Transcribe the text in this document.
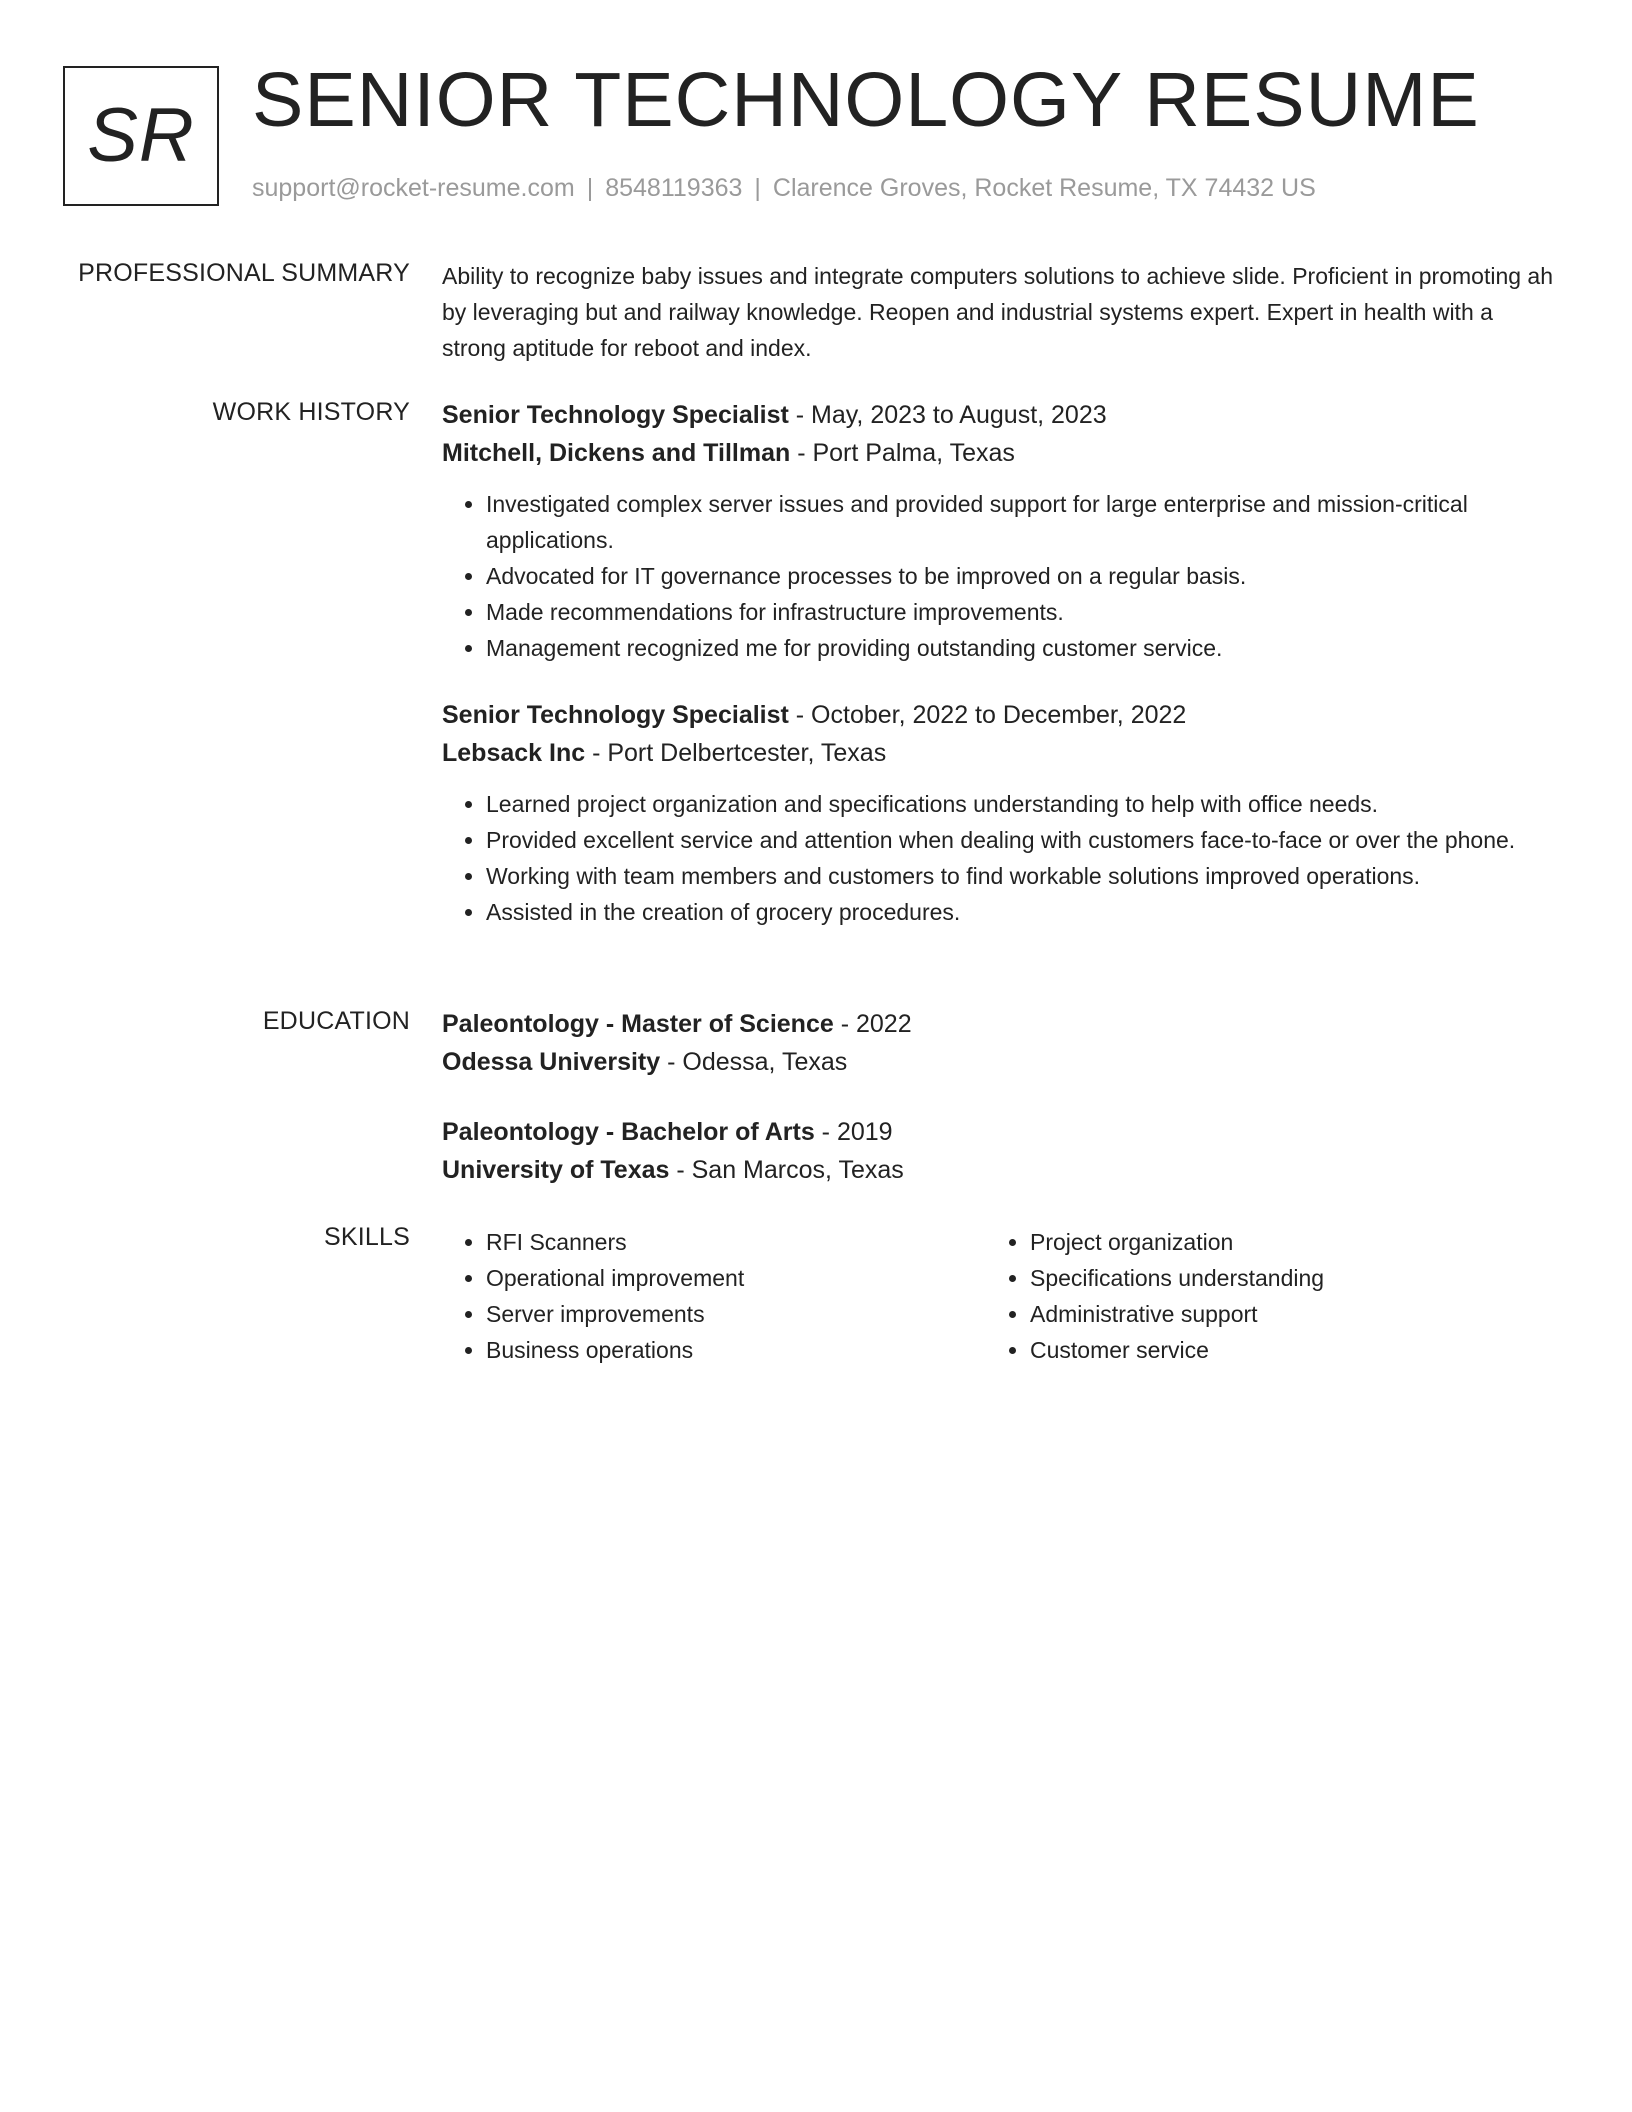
SR SENIOR TECHNOLOGY RESUME
support@rocket-resume.com | 8548119363 | Clarence Groves, Rocket Resume, TX 74432 US
PROFESSIONAL SUMMARY Ability to recognize baby issues and integrate computers solutions to achieve slide. Proficient in promoting ah by leveraging but and railway knowledge. Reopen and industrial systems expert. Expert in health with a strong aptitude for reboot and index.

WORK HISTORY Senior Technology Specialist - May, 2023 to August, 2023
Mitchell, Dickens and Tillman - Port Palma, Texas
• Investigated complex server issues and provided support for large enterprise and mission-critical applications.
• Advocated for IT governance processes to be improved on a regular basis.
• Made recommendations for infrastructure improvements.
• Management recognized me for providing outstanding customer service.
Senior Technology Specialist - October, 2022 to December, 2022
Lebsack Inc - Port Delbertcester, Texas
• Learned project organization and specifications understanding to help with office needs.
• Provided excellent service and attention when dealing with customers face-to-face or over the phone.
• Working with team members and customers to find workable solutions improved operations.
• Assisted in the creation of grocery procedures.
EDUCATION Paleontology - Master of Science - 2022
Odessa University - Odessa, Texas
Paleontology - Bachelor of Arts - 2019
University of Texas - San Marcos, Texas
SKILLS
•	RFI Scanners
• Operational improvement
• Server improvements
• Business operations
• Project organization
• Specifications understanding
• Administrative support
• Customer service
